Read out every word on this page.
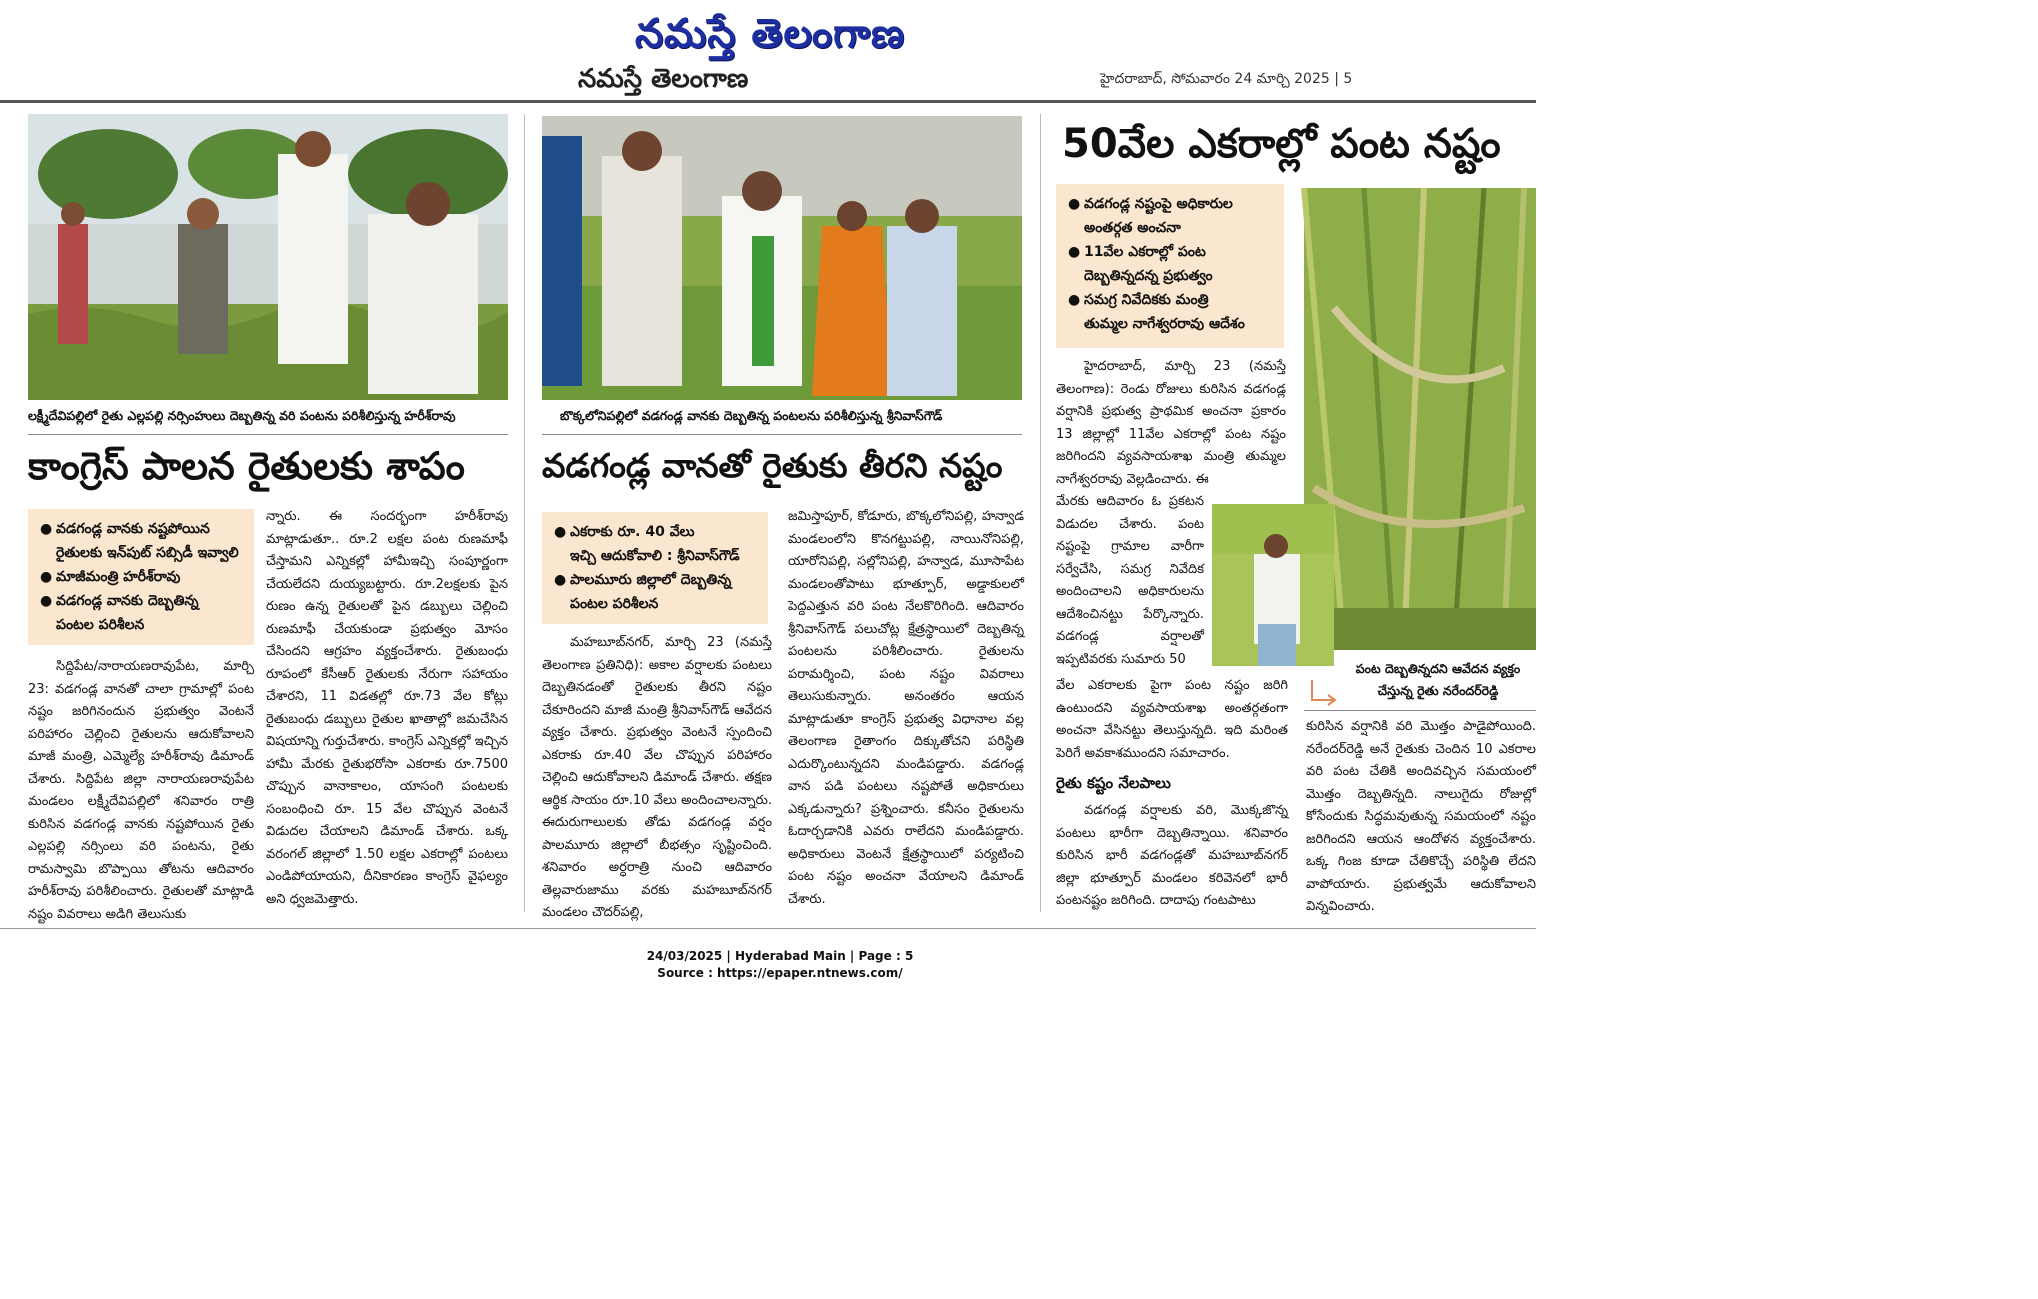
నమస్తే తెలంగాణ
నమస్తే తెలంగాణ	హైదరాబాద్, సోమవారం 24 మార్చి 2025 | 5
లక్ష్మీదేవిపల్లిలో రైతు ఎల్లపల్లి నర్సింహులు దెబ్బతిన్న వరి పంటను పరిశీలిస్తున్న హరీశ్‌రావు
కాంగ్రెస్ పాలన రైతులకు శాపం
● వడగండ్ల వానకు నష్టపోయిన
రైతులకు ఇన్‌పుట్ సబ్సిడీ ఇవ్వాలి
● మాజీమంత్రి హరీశ్‌రావు
● వడగండ్ల వానకు దెబ్బతిన్న
పంటల పరిశీలన

సిద్దిపేట/నారాయణరావుపేట, మార్చి 23: వడగండ్ల వానతో చాలా గ్రామాల్లో పంట నష్టం జరిగినందున ప్రభుత్వం వెంటనే పరిహారం చెల్లించి రైతులను ఆదుకోవాలని మాజీ మంత్రి, ఎమ్మెల్యే హరీశ్‌రావు డిమాండ్ చేశారు. సిద్దిపేట జిల్లా నారాయణరావుపేట మండలం లక్ష్మీదేవిపల్లిలో శనివారం రాత్రి కురిసిన వడగండ్ల వానకు నష్టపోయిన రైతు ఎల్లపల్లి నర్సింలు వరి పంటను, రైతు రామస్వామి బొప్పాయి తోటను ఆదివారం హరీశ్‌రావు పరిశీలించారు. రైతులతో మాట్లాడి నష్టం వివరాలు అడిగి తెలుసుకు

న్నారు. ఈ సందర్భంగా హరీశ్‌రావు మాట్లాడుతూ.. రూ.2 లక్షల పంట రుణమాఫీ చేస్తామని ఎన్నికల్లో హామీఇచ్చి సంపూర్ణంగా చేయలేదని దుయ్యబట్టారు. రూ.2లక్షలకు పైన రుణం ఉన్న రైతులతో పైన డబ్బులు చెల్లించి రుణమాఫీ చేయకుండా ప్రభుత్వం మోసం చేసిందని ఆగ్రహం వ్యక్తంచేశారు. రైతుబంధు రూపంలో కేసీఆర్ రైతులకు నేరుగా సహాయం చేశారని, 11 విడతల్లో రూ.73 వేల కోట్లు రైతుబంధు డబ్బులు రైతుల ఖాతాల్లో జమచేసిన విషయాన్ని గుర్తుచేశారు. కాంగ్రెస్ ఎన్నికల్లో ఇచ్చిన హామీ మేరకు రైతుభరోసా ఎకరాకు రూ.7500 చొప్పున వానాకాలం, యాసంగి పంటలకు సంబంధించి రూ. 15 వేల చొప్పున వెంటనే విడుదల చేయాలని డిమాండ్ చేశారు. ఒక్క వరంగల్ జిల్లాలో 1.50 లక్షల ఎకరాల్లో పంటలు ఎండిపోయాయని, దీనికారణం కాంగ్రెస్ వైఫల్యం అని ధ్వజమెత్తారు.

బొక్కలోనిపల్లిలో వడగండ్ల వానకు దెబ్బతిన్న పంటలను పరిశీలిస్తున్న శ్రీనివాస్‌గౌడ్
వడగండ్ల వానతో రైతుకు తీరని నష్టం
● ఎకరాకు రూ. 40 వేలు
ఇచ్చి ఆదుకోవాలి : శ్రీనివాస్‌గౌడ్
● పాలమూరు జిల్లాలో దెబ్బతిన్న
పంటల పరిశీలన

మహబూబ్‌నగర్, మార్చి 23 (నమస్తే తెలంగాణ ప్రతినిధి): అకాల వర్షాలకు పంటలు దెబ్బతినడంతో రైతులకు తీరని నష్టం చేకూరిందని మాజీ మంత్రి శ్రీనివాస్‌గౌడ్ ఆవేదన వ్యక్తం చేశారు. ప్రభుత్వం వెంటనే స్పందించి ఎకరాకు రూ.40 వేల చొప్పున పరిహారం చెల్లించి ఆదుకోవాలని డిమాండ్ చేశారు. తక్షణ ఆర్థిక సాయం రూ.10 వేలు అందించాలన్నారు. ఈదురుగాలులకు తోడు వడగండ్ల వర్షం పాలమూరు జిల్లాలో బీభత్సం సృష్టించింది. శనివారం అర్ధరాత్రి నుంచి ఆదివారం తెల్లవారుజాము వరకు మహబూబ్‌నగర్ మండలం చౌదర్‌పల్లి,

జమిస్తాపూర్, కోడూరు, బొక్కలోనిపల్లి, హన్వాడ మండలంలోని కొనగట్టుపల్లి, నాయినోనిపల్లి, యారోనిపల్లి, సల్లోనిపల్లి, హన్వాడ, మూసాపేట మండలంతోపాటు భూత్పూర్, అడ్డాకులలో పెద్దఎత్తున వరి పంట నేలకొరిగింది. ఆదివారం శ్రీనివాస్‌గౌడ్ పలుచోట్ల క్షేత్రస్థాయిలో దెబ్బతిన్న పంటలను పరిశీలించారు. రైతులను పరామర్శించి, పంట నష్టం వివరాలు తెలుసుకున్నారు. అనంతరం ఆయన మాట్లాడుతూ కాంగ్రెస్ ప్రభుత్వ విధానాల వల్ల తెలంగాణ రైతాంగం దిక్కుతోచని పరిస్థితి ఎదుర్కొంటున్నదని మండిపడ్డారు. వడగండ్ల వాన పడి పంటలు నష్టపోతే అధికారులు ఎక్కడున్నారు? ప్రశ్నించారు. కనీసం రైతులను ఓదార్చడానికి ఎవరు రాలేదని మండిపడ్డారు. అధికారులు వెంటనే క్షేత్రస్థాయిలో పర్యటించి పంట నష్టం అంచనా వేయాలని డిమాండ్ చేశారు.

50వేల ఎకరాల్లో పంట నష్టం
● వడగండ్ల నష్టంపై అధికారుల
అంతర్గత అంచనా
● 11వేల ఎకరాల్లో పంట
దెబ్బతిన్నదన్న ప్రభుత్వం
● సమగ్ర నివేదికకు మంత్రి
తుమ్మల నాగేశ్వరరావు ఆదేశం

హైదరాబాద్, మార్చి 23 (నమస్తే తెలంగాణ): రెండు రోజులు కురిసిన వడగండ్ల వర్షానికి ప్రభుత్వ ప్రాథమిక అంచనా ప్రకారం 13 జిల్లాల్లో 11వేల ఎకరాల్లో పంట నష్టం జరిగిందని వ్యవసాయశాఖ మంత్రి తుమ్మల నాగేశ్వరరావు వెల్లడించారు. ఈ

మేరకు ఆదివారం ఓ ప్రకటన విడుదల చేశారు. పంట నష్టంపై గ్రామాల వారీగా సర్వేచేసి, సమగ్ర నివేదిక అందించాలని అధికారులను ఆదేశించినట్టు పేర్కొన్నారు. వడగండ్ల వర్షాలతో ఇప్పటివరకు సుమారు 50

వేల ఎకరాలకు పైగా పంట నష్టం జరిగి ఉంటుందని వ్యవసాయశాఖ అంతర్గతంగా అంచనా వేసినట్టు తెలుస్తున్నది. ఇది మరింత పెరిగే అవకాశముందని సమాచారం.

రైతు కష్టం నేలపాలు

వడగండ్ల వర్షాలకు వరి, మొక్కజొన్న పంటలు భారీగా దెబ్బతిన్నాయి. శనివారం కురిసిన భారీ వడగండ్లతో మహబూబ్‌నగర్ జిల్లా భూత్పూర్ మండలం కరివెనలో భారీ పంటనష్టం జరిగింది. దాదాపు గంటపాటు

పంట దెబ్బతిన్నదని ఆవేదన వ్యక్తం చేస్తున్న రైతు నరేందర్‌రెడ్డి

కురిసిన వర్షానికి వరి మొత్తం పాడైపోయింది. నరేందర్‌రెడ్డి అనే రైతుకు చెందిన 10 ఎకరాల వరి పంట చేతికి అందివచ్చిన సమయంలో మొత్తం దెబ్బతిన్నది. నాలుగైదు రోజుల్లో కోసేందుకు సిద్ధమవుతున్న సమయంలో నష్టం జరిగిందని ఆయన ఆందోళన వ్యక్తంచేశారు. ఒక్క గింజ కూడా చేతికొచ్చే పరిస్థితి లేదని వాపోయారు. ప్రభుత్వమే ఆదుకోవాలని విన్నవించారు.

24/03/2025 | Hyderabad Main | Page : 5
Source : https://epaper.ntnews.com/
